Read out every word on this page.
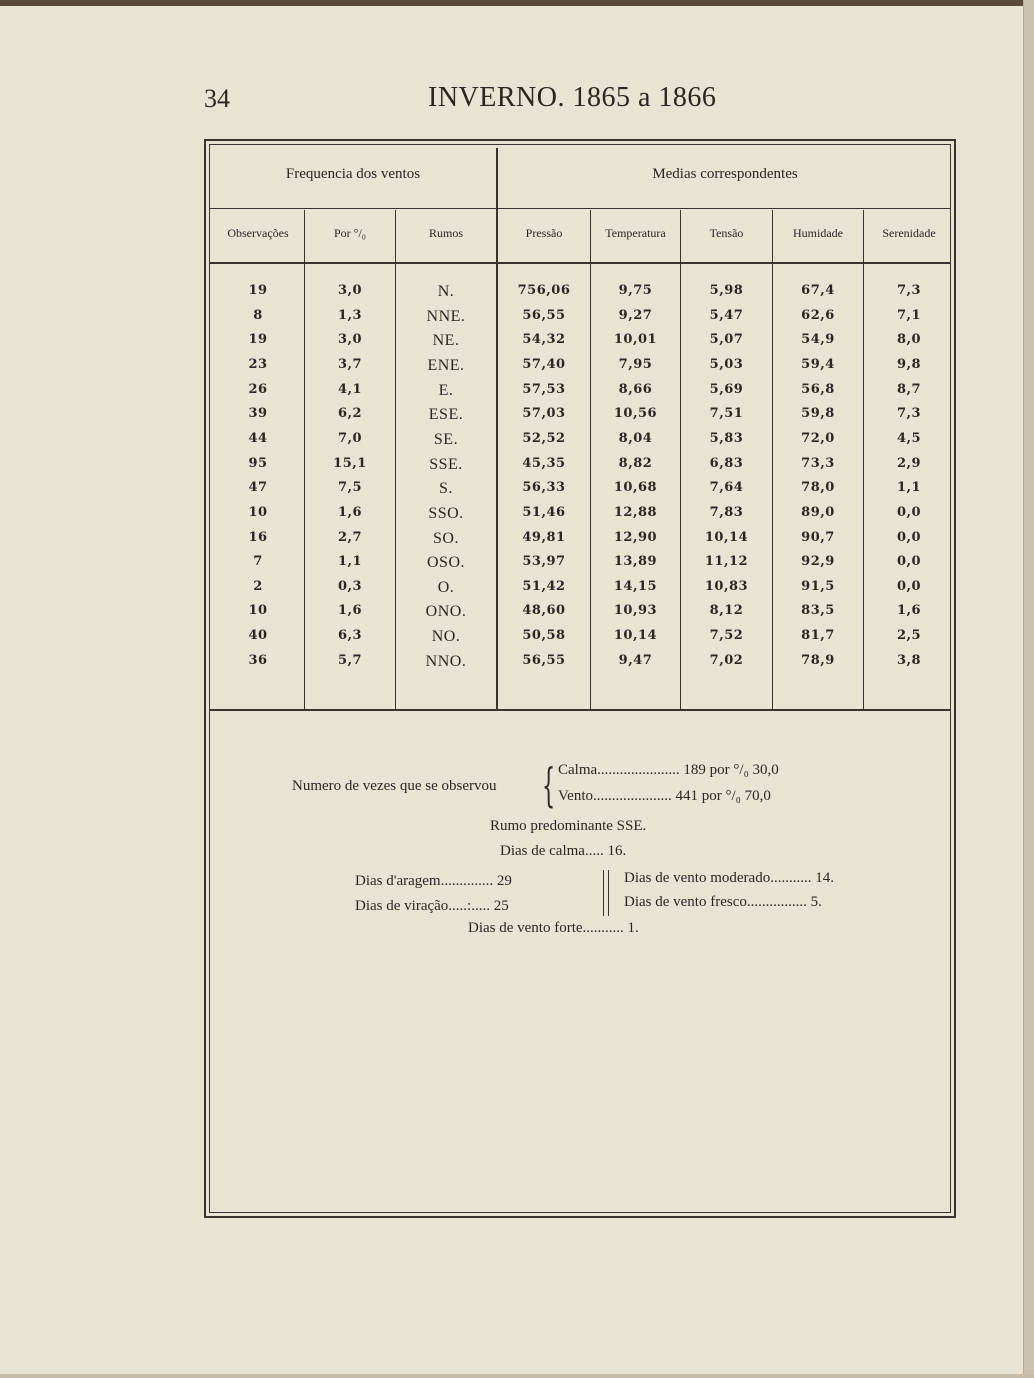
34	INVERNO. 1865 a 1866
Frequencia dos ventos	Medias correspondentes
Observações	Por °/₀	Rumos	Pressão	Temperatura	Tensão	Humidade	Serenidade
19	3,0	N.	756,06	9,75	5,98	67,4	7,3
8	1,3	NNE.	56,55	9,27	5,47	62,6	7,1
19	3,0	NE.	54,32	10,01	5,07	54,9	8,0
23	3,7	ENE.	57,40	7,95	5,03	59,4	9,8
26	4,1	E.	57,53	8,66	5,69	56,8	8,7
39	6,2	ESE.	57,03	10,56	7,51	59,8	7,3
44	7,0	SE.	52,52	8,04	5,83	72,0	4,5
95	15,1	SSE.	45,35	8,82	6,83	73,3	2,9
47	7,5	S.	56,33	10,68	7,64	78,0	1,1
10	1,6	SSO.	51,46	12,88	7,83	89,0	0,0
16	2,7	SO.	49,81	12,90	10,14	90,7	0,0
7	1,1	OSO.	53,97	13,89	11,12	92,9	0,0
2	0,3	O.	51,42	14,15	10,83	91,5	0,0
10	1,6	ONO.	48,60	10,93	8,12	83,5	1,6
40	6,3	NO.	50,58	10,14	7,52	81,7	2,5
36	5,7	NNO.	56,55	9,47	7,02	78,9	3,8
Numero de vezes que se observou { Calma...................... 189 por °/₀ 30,0
Vento..................... 441 por °/₀ 70,0
Rumo predominante SSE.
Dias de calma..... 16.
Dias d'aragem.............. 29
Dias de viração.....:..... 25
Dias de vento moderado........... 14.
Dias de vento fresco................ 5.
Dias de vento forte........... 1.
